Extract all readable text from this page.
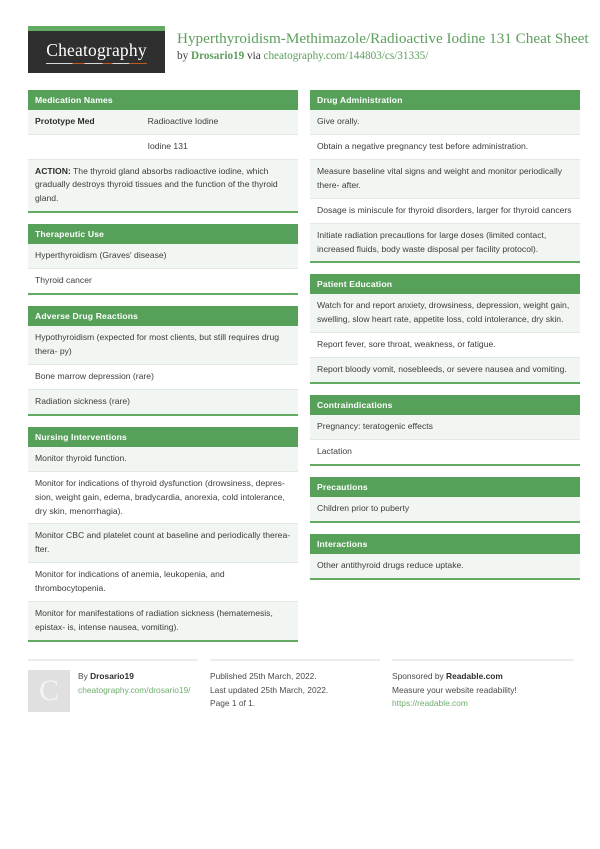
Cheatography
Hyperthyroidism-Methimazole/Radioactive Iodine 131 Cheat Sheet
by Drosario19 via cheatography.com/144803/cs/31335/
Medication Names
Prototype Med	Radioactive Iodine
Iodine 131
ACTION: The thyroid gland absorbs radioactive iodine, which gradually destroys thyroid tissues and the function of the thyroid gland.
Therapeutic Use
Hyperthyroidism (Graves' disease)
Thyroid cancer
Adverse Drug Reactions
Hypothyroidism (expected for most clients, but still requires drug thera- py)
Bone marrow depression (rare)
Radiation sickness (rare)
Nursing Interventions
Monitor thyroid function.
Monitor for indications of thyroid dysfunction (drowsiness, depres- sion, weight gain, edema, bradycardia, anorexia, cold intolerance, dry skin, menorrhagia).
Monitor CBC and platelet count at baseline and periodically therea- fter.
Monitor for indications of anemia, leukopenia, and thrombocytopenia.
Monitor for manifestations of radiation sickness (hematemesis, epistax- is, intense nausea, vomiting).
Drug Administration
Give orally.
Obtain a negative pregnancy test before administration.
Measure baseline vital signs and weight and monitor periodically there- after.
Dosage is miniscule for thyroid disorders, larger for thyroid cancers
Initiate radiation precautions for large doses (limited contact, increased fluids, body waste disposal per facility protocol).
Patient Education
Watch for and report anxiety, drowsiness, depression, weight gain, swelling, slow heart rate, appetite loss, cold intolerance, dry skin.
Report fever, sore throat, weakness, or fatigue.
Report bloody vomit, nosebleeds, or severe nausea and vomiting.
Contraindications
Pregnancy: teratogenic effects
Lactation
Precautions
Children prior to puberty
Interactions
Other antithyroid drugs reduce uptake.
C	By Drosario19
cheatography.com/drosario19/
Published 25th March, 2022.
Last updated 25th March, 2022.
Page 1 of 1.
Sponsored by Readable.com
Measure your website readability!
https://readable.com
